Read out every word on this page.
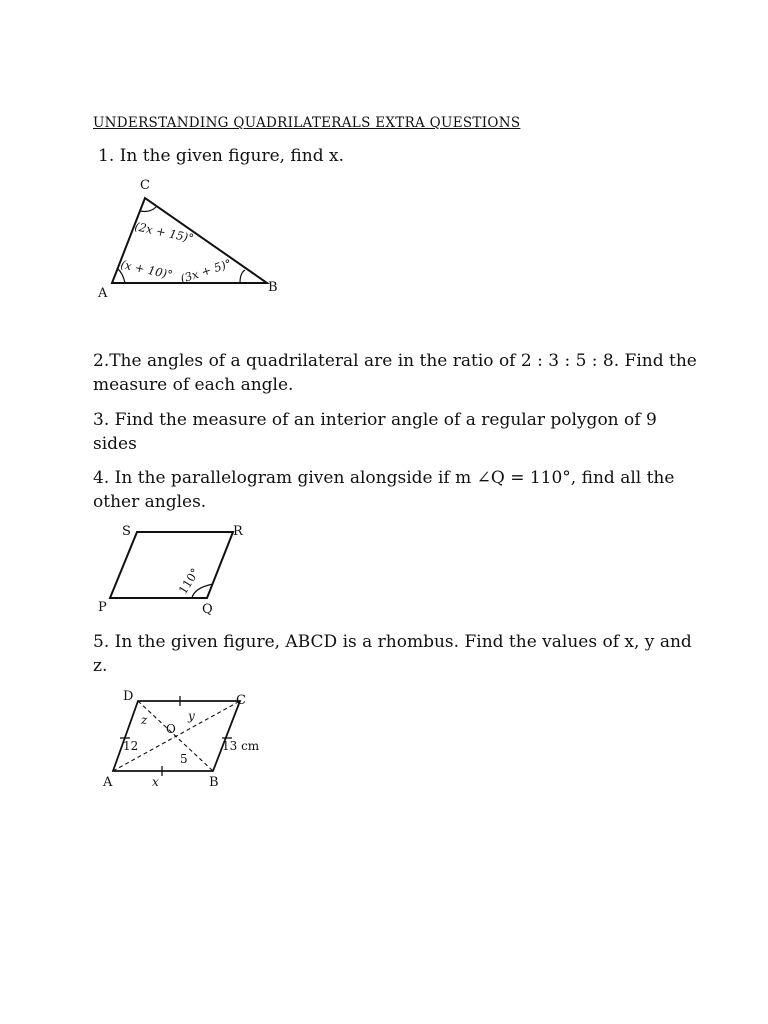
UNDERSTANDING QUADRILATERALS EXTRA QUESTIONS
1. In the given figure, find x.
C
A	B
(2x + 15)°
(x + 10)° (3x + 5)°
2.The angles of a quadrilateral are in the ratio of 2 : 3 : 5 : 8. Find the
measure of each angle.
3. Find the measure of an interior angle of a regular polygon of 9
sides
4. In the parallelogram given alongside if m ∠Q = 110°, find all the
other angles.
S	R
P	Q
110°
5. In the given figure, ABCD is a rhombus. Find the values of x, y and
z.
D	C
A	B
O
z	y
12	13 cm
5
x
